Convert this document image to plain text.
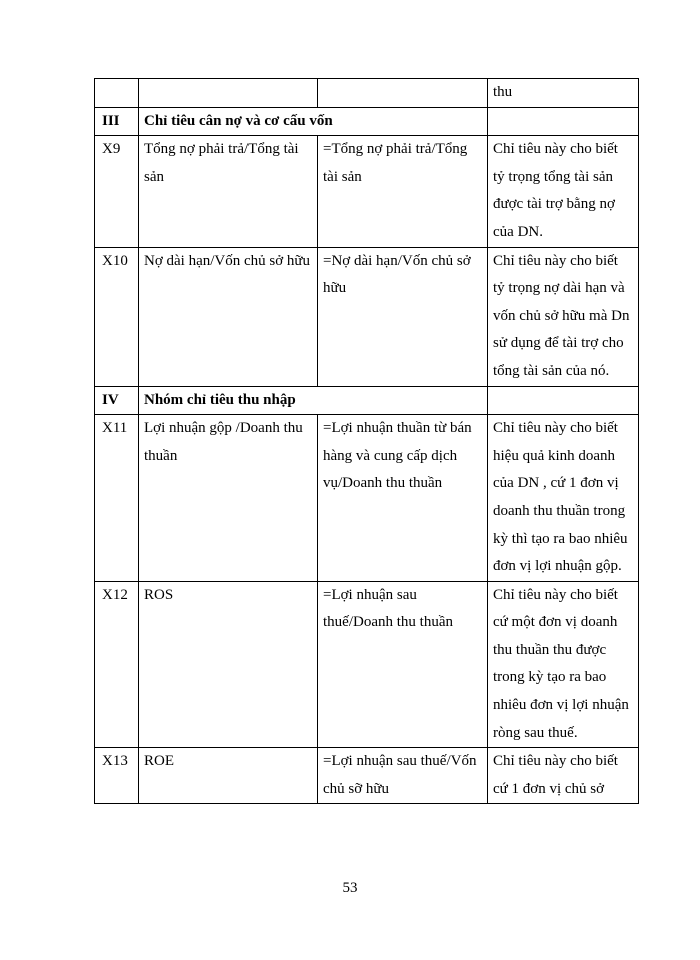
			thu
III	Chỉ tiêu cân nợ và cơ cấu vốn		
X9	Tổng nợ phải trả/Tổng tài sản	=Tổng nợ phải trả/Tổng tài sản	Chỉ tiêu này cho biết tỷ trọng tổng tài sản được tài trợ bằng nợ của DN.
X10	Nợ dài hạn/Vốn chủ sở hữu	=Nợ dài hạn/Vốn chủ sở hữu	Chỉ tiêu này cho biết tỷ trọng nợ dài hạn và vốn chủ sở hữu mà Dn sử dụng để tài trợ cho tổng tài sản của nó.
IV	Nhóm chỉ tiêu thu nhập		
X11	Lợi nhuận gộp /Doanh thu thuần	=Lợi nhuận thuần từ bán hàng và cung cấp dịch vụ/Doanh thu thuần	Chỉ tiêu này cho biết hiệu quả kinh doanh của DN , cứ 1 đơn vị doanh thu thuần trong kỳ thì tạo ra bao nhiêu đơn vị lợi nhuận gộp.
X12	ROS	=Lợi nhuận sau thuế/Doanh thu thuần	Chỉ tiêu này cho biết cứ một đơn vị doanh thu thuần thu được trong kỳ tạo ra bao nhiêu đơn vị lợi nhuận ròng sau thuế.
X13	ROE	=Lợi nhuận sau thuế/Vốn chủ sỡ hữu	Chỉ tiêu này cho biết cứ 1 đơn vị chủ sở
53
